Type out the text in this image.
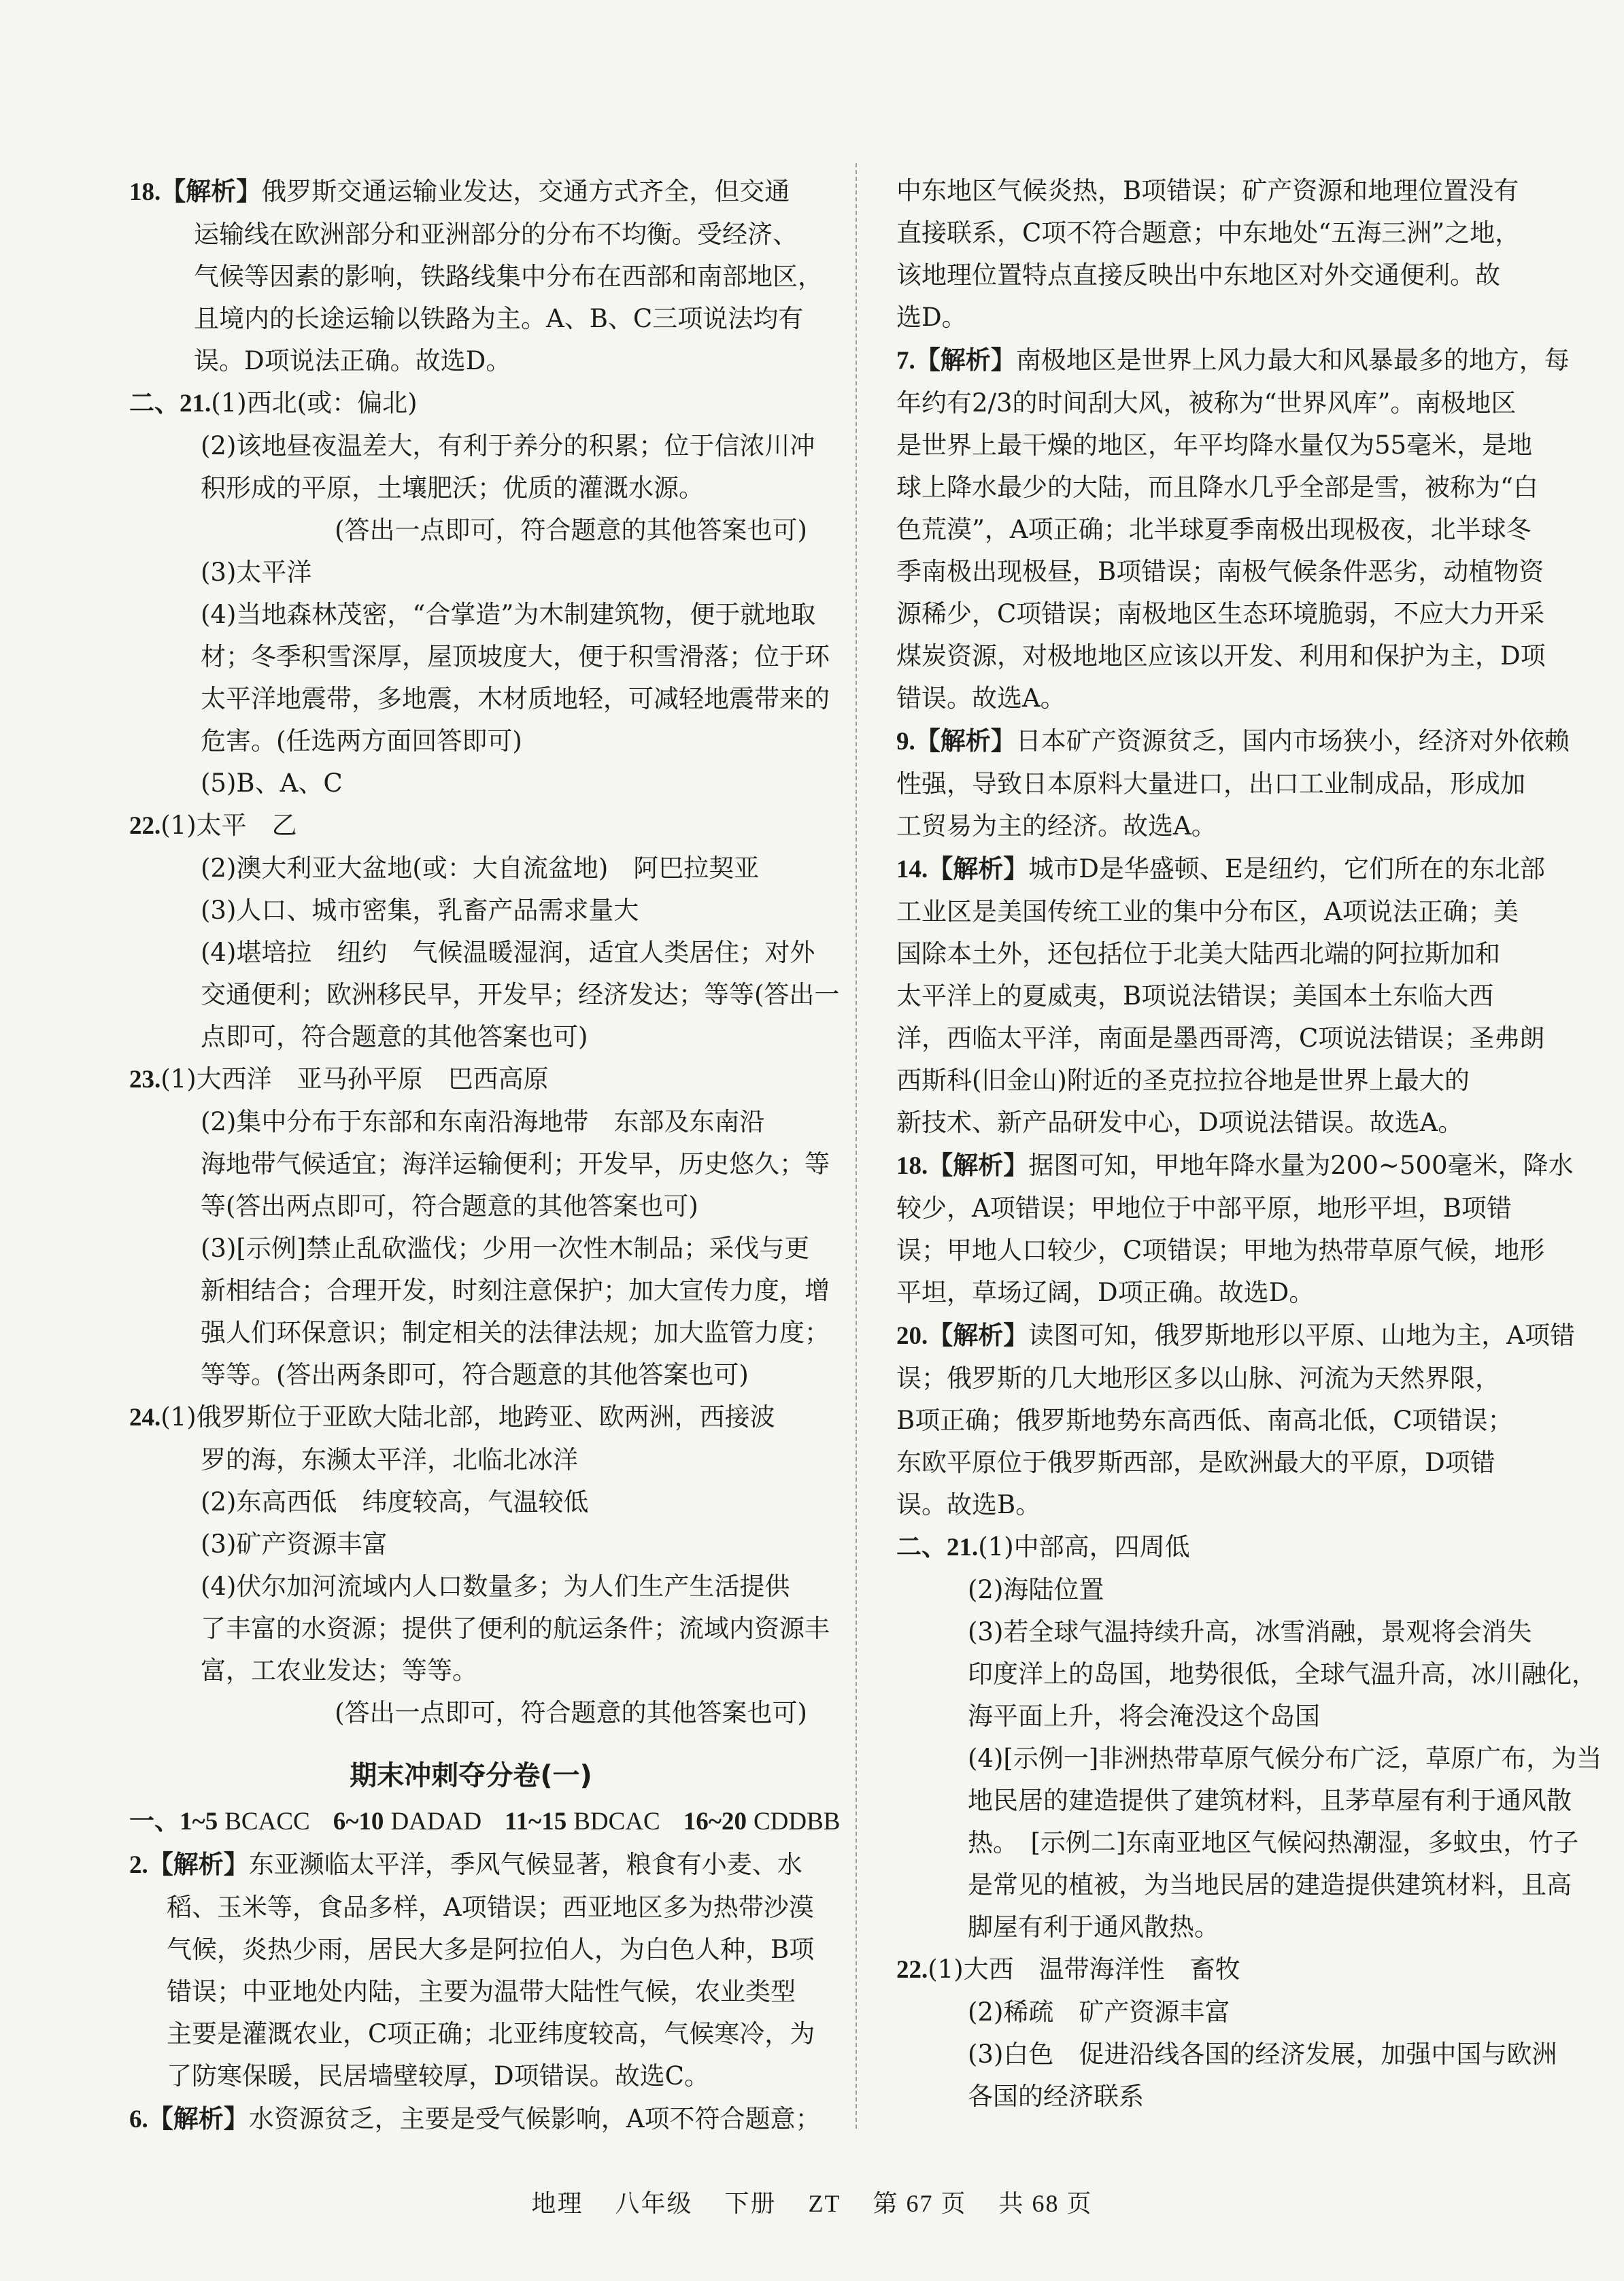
18.【解析】俄罗斯交通运输业发达，交通方式齐全，但交通
运输线在欧洲部分和亚洲部分的分布不均衡。受经济、
气候等因素的影响，铁路线集中分布在西部和南部地区，
且境内的长途运输以铁路为主。A、B、C三项说法均有
误。D项说法正确。故选D。
二、21.(1)西北(或：偏北)
(2)该地昼夜温差大，有利于养分的积累；位于信浓川冲
积形成的平原，土壤肥沃；优质的灌溉水源。
(答出一点即可，符合题意的其他答案也可)
(3)太平洋
(4)当地森林茂密，“合掌造”为木制建筑物，便于就地取
材；冬季积雪深厚，屋顶坡度大，便于积雪滑落；位于环
太平洋地震带，多地震，木材质地轻，可减轻地震带来的
危害。(任选两方面回答即可)
(5)B、A、C
22.(1)太平　乙
(2)澳大利亚大盆地(或：大自流盆地)　阿巴拉契亚
(3)人口、城市密集，乳畜产品需求量大
(4)堪培拉　纽约　气候温暖湿润，适宜人类居住；对外
交通便利；欧洲移民早，开发早；经济发达；等等(答出一
点即可，符合题意的其他答案也可)
23.(1)大西洋　亚马孙平原　巴西高原
(2)集中分布于东部和东南沿海地带　东部及东南沿
海地带气候适宜；海洋运输便利；开发早，历史悠久；等
等(答出两点即可，符合题意的其他答案也可)
(3)[示例]禁止乱砍滥伐；少用一次性木制品；采伐与更
新相结合；合理开发，时刻注意保护；加大宣传力度，增
强人们环保意识；制定相关的法律法规；加大监管力度；
等等。(答出两条即可，符合题意的其他答案也可)
24.(1)俄罗斯位于亚欧大陆北部，地跨亚、欧两洲，西接波
罗的海，东濒太平洋，北临北冰洋
(2)东高西低　纬度较高，气温较低
(3)矿产资源丰富
(4)伏尔加河流域内人口数量多；为人们生产生活提供
了丰富的水资源；提供了便利的航运条件；流域内资源丰
富，工农业发达；等等。
(答出一点即可，符合题意的其他答案也可)
期末冲刺夺分卷(一)
一、1~5 BCACC 6~10 DADAD 11~15 BDCAC 16~20 CDDBB
2.【解析】东亚濒临太平洋，季风气候显著，粮食有小麦、水
稻、玉米等，食品多样，A项错误；西亚地区多为热带沙漠
气候，炎热少雨，居民大多是阿拉伯人，为白色人种，B项
错误；中亚地处内陆，主要为温带大陆性气候，农业类型
主要是灌溉农业，C项正确；北亚纬度较高，气候寒冷，为
了防寒保暖，民居墙壁较厚，D项错误。故选C。
6.【解析】水资源贫乏，主要是受气候影响，A项不符合题意；
中东地区气候炎热，B项错误；矿产资源和地理位置没有
直接联系，C项不符合题意；中东地处“五海三洲”之地，
该地理位置特点直接反映出中东地区对外交通便利。故
选D。
7.【解析】南极地区是世界上风力最大和风暴最多的地方，每
年约有2/3的时间刮大风，被称为“世界风库”。南极地区
是世界上最干燥的地区，年平均降水量仅为55毫米，是地
球上降水最少的大陆，而且降水几乎全部是雪，被称为“白
色荒漠”，A项正确；北半球夏季南极出现极夜，北半球冬
季南极出现极昼，B项错误；南极气候条件恶劣，动植物资
源稀少，C项错误；南极地区生态环境脆弱，不应大力开采
煤炭资源，对极地地区应该以开发、利用和保护为主，D项
错误。故选A。
9.【解析】日本矿产资源贫乏，国内市场狭小，经济对外依赖
性强，导致日本原料大量进口，出口工业制成品，形成加
工贸易为主的经济。故选A。
14.【解析】城市D是华盛顿、E是纽约，它们所在的东北部
工业区是美国传统工业的集中分布区，A项说法正确；美
国除本土外，还包括位于北美大陆西北端的阿拉斯加和
太平洋上的夏威夷，B项说法错误；美国本土东临大西
洋，西临太平洋，南面是墨西哥湾，C项说法错误；圣弗朗
西斯科(旧金山)附近的圣克拉拉谷地是世界上最大的
新技术、新产品研发中心，D项说法错误。故选A。
18.【解析】据图可知，甲地年降水量为200~500毫米，降水
较少，A项错误；甲地位于中部平原，地形平坦，B项错
误；甲地人口较少，C项错误；甲地为热带草原气候，地形
平坦，草场辽阔，D项正确。故选D。
20.【解析】读图可知，俄罗斯地形以平原、山地为主，A项错
误；俄罗斯的几大地形区多以山脉、河流为天然界限，
B项正确；俄罗斯地势东高西低、南高北低，C项错误；
东欧平原位于俄罗斯西部，是欧洲最大的平原，D项错
误。故选B。
二、21.(1)中部高，四周低
(2)海陆位置
(3)若全球气温持续升高，冰雪消融，景观将会消失
印度洋上的岛国，地势很低，全球气温升高，冰川融化，
海平面上升，将会淹没这个岛国
(4)[示例一]非洲热带草原气候分布广泛，草原广布，为当
地民居的建造提供了建筑材料，且茅草屋有利于通风散
热。　[示例二]东南亚地区气候闷热潮湿，多蚊虫，竹子
是常见的植被，为当地民居的建造提供建筑材料，且高
脚屋有利于通风散热。
22.(1)大西　温带海洋性　畜牧
(2)稀疏　矿产资源丰富
(3)白色　促进沿线各国的经济发展，加强中国与欧洲
各国的经济联系
地理 八年级 下册 ZT 第 67 页 共 68 页
